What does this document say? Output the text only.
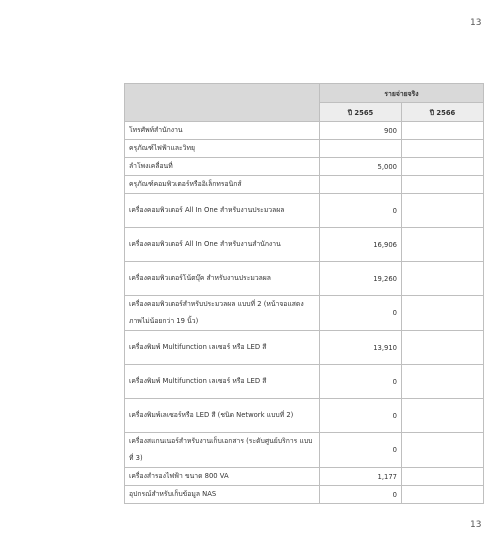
13
	รายจ่ายจริง	
	ปี 2565	ปี 2566
โทรศัพท์สำนักงาน	900	
ครุภัณฑ์ไฟฟ้าและวิทยุ		
ลำโพงเคลื่อนที่	5,000	
ครุภัณฑ์คอมพิวเตอร์หรืออิเล็กทรอนิกส์		
เครื่องคอมพิวเตอร์ All In One สำหรับงานประมวลผล	0	
เครื่องคอมพิวเตอร์ All In One สำหรับงานสำนักงาน	16,906	
เครื่องคอมพิวเตอร์โน้ตบุ๊ค สำหรับงานประมวลผล	19,260	
เครื่องคอมพิวเตอร์สำหรับประมวลผล แบบที่ 2 (หน้าจอแสดงภาพไม่น้อยกว่า 19 นิ้ว)	0	
เครื่องพิมพ์ Multifunction เลเซอร์ หรือ LED สี	13,910	
เครื่องพิมพ์ Multifunction เลเซอร์ หรือ LED สี	0	
เครื่องพิมพ์เลเซอร์หรือ LED สี (ชนิด Network แบบที่ 2)	0	
เครื่องสแกนเนอร์สำหรับงานเก็บเอกสาร (ระดับศูนย์บริการ แบบที่ 3)	0	
เครื่องสำรองไฟฟ้า ขนาด 800 VA	1,177	
อุปกรณ์สำหรับเก็บข้อมูล NAS	0	
13
